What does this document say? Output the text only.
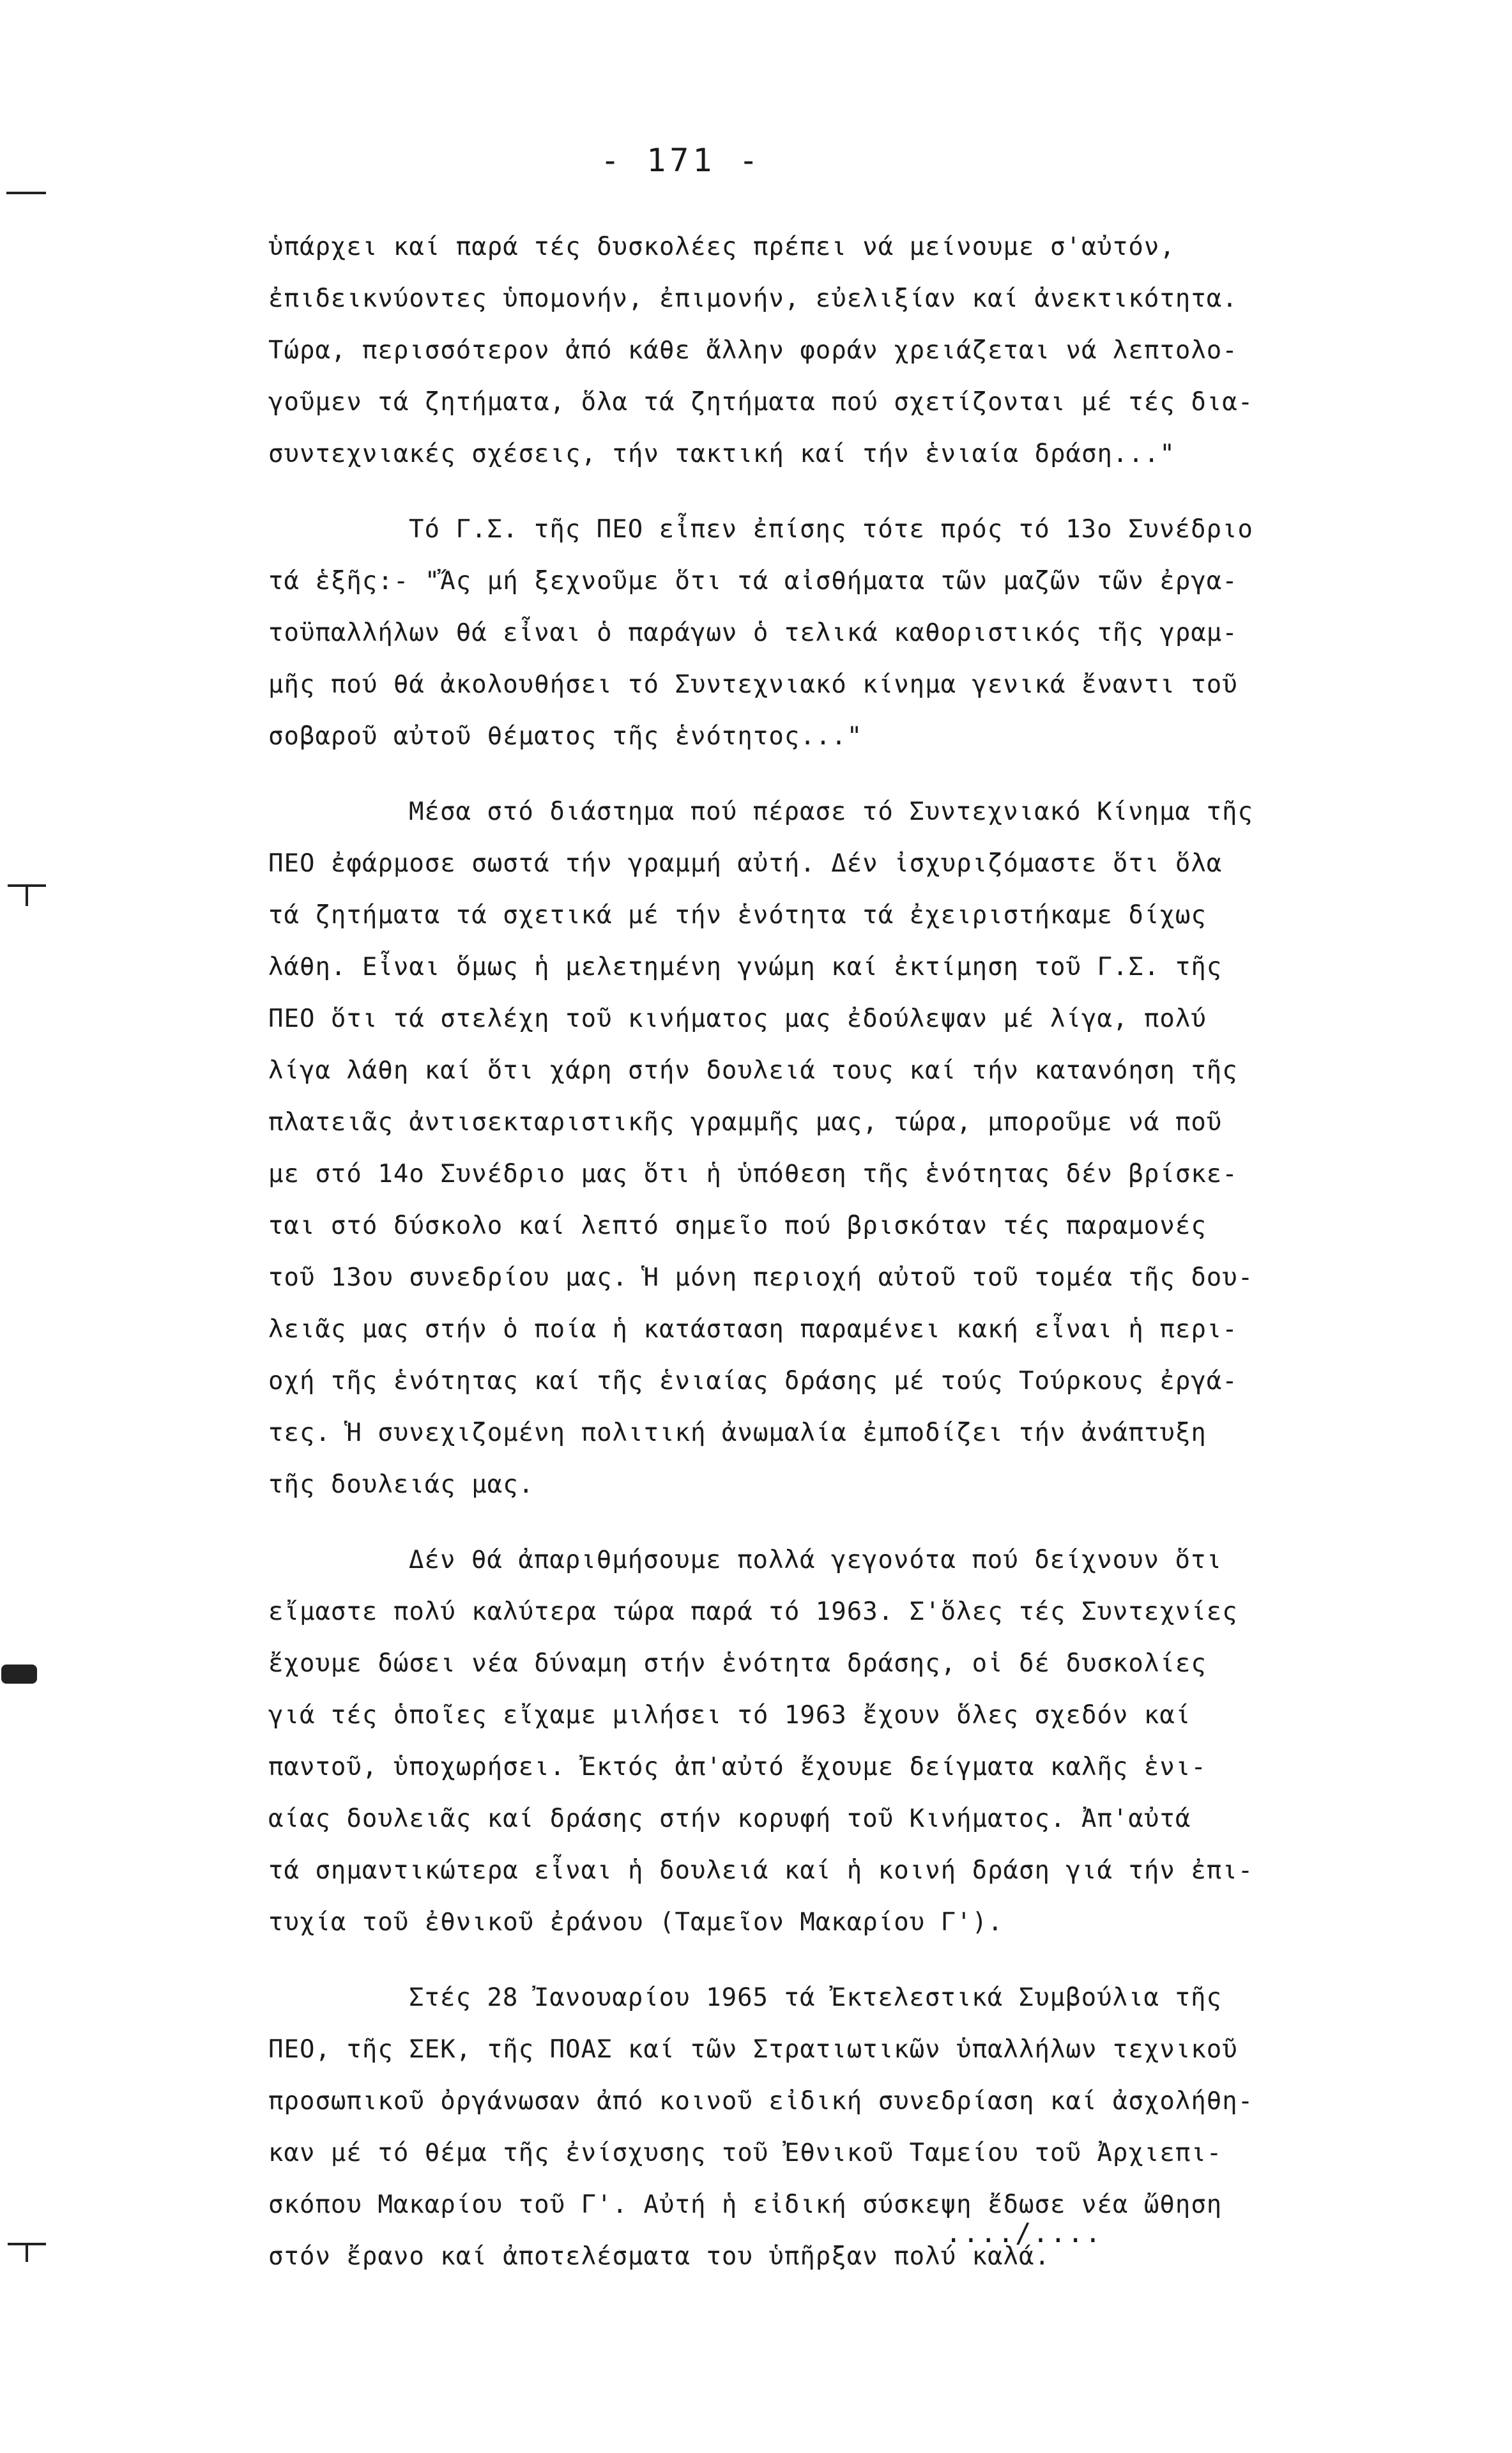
- 171 -
ὑπάρχει καί παρά τές δυσκολέες πρέπει νά μείνουμε σ'αὐτόν,
ἐπιδεικνύοντες ὑπομονήν, ἐπιμονήν, εὐελιξίαν καί ἀνεκτικότητα.
Τώρα, περισσότερον ἀπό κάθε ἄλλην φοράν χρειάζεται νά λεπτολο-
γοῦμεν τά ζητήματα, ὅλα τά ζητήματα πού σχετίζονται μέ τές δια-
συντεχνιακές σχέσεις, τήν τακτική καί τήν ἑνιαία δράση..."
Τό Γ.Σ. τῆς ΠΕΟ εἶπεν ἐπίσης τότε πρός τό 13ο Συνέδριο
τά ἑξῆς:- "Ἄς μή ξεχνοῦμε ὅτι τά αἰσθήματα τῶν μαζῶν τῶν ἐργα-
τοϋπαλλήλων θά εἶναι ὁ παράγων ὁ τελικά καθοριστικός τῆς γραμ-
μῆς πού θά ἀκολουθήσει τό Συντεχνιακό κίνημα γενικά ἔναντι τοῦ
σοβαροῦ αὐτοῦ θέματος τῆς ἑνότητος..."
Μέσα στό διάστημα πού πέρασε τό Συντεχνιακό Κίνημα τῆς
ΠΕΟ ἐφάρμοσε σωστά τήν γραμμή αὐτή. Δέν ἰσχυριζόμαστε ὅτι ὅλα
τά ζητήματα τά σχετικά μέ τήν ἑνότητα τά ἐχειριστήκαμε δίχως
λάθη. Εἶναι ὅμως ἡ μελετημένη γνώμη καί ἐκτίμηση τοῦ Γ.Σ. τῆς
ΠΕΟ ὅτι τά στελέχη τοῦ κινήματος μας ἐδούλεψαν μέ λίγα, πολύ
λίγα λάθη καί ὅτι χάρη στήν δουλειά τους καί τήν κατανόηση τῆς
πλατειᾶς ἀντισεκταριστικῆς γραμμῆς μας, τώρα, μποροῦμε νά ποῦ
με στό 14ο Συνέδριο μας ὅτι ἡ ὑπόθεση τῆς ἑνότητας δέν βρίσκε-
ται στό δύσκολο καί λεπτό σημεῖο πού βρισκόταν τές παραμονές
τοῦ 13ου συνεδρίου μας. Ἡ μόνη περιοχή αὐτοῦ τοῦ τομέα τῆς δου-
λειᾶς μας στήν ὁ ποία ἡ κατάσταση παραμένει κακή εἶναι ἡ περι-
οχή τῆς ἑνότητας καί τῆς ἑνιαίας δράσης μέ τούς Τούρκους ἐργά-
τες. Ἡ συνεχιζομένη πολιτική ἀνωμαλία ἐμποδίζει τήν ἀνάπτυξη
τῆς δουλειάς μας.
Δέν θά ἀπαριθμήσουμε πολλά γεγονότα πού δείχνουν ὅτι
εἴμαστε πολύ καλύτερα τώρα παρά τό 1963. Σ'ὅλες τές Συντεχνίες
ἔχουμε δώσει νέα δύναμη στήν ἑνότητα δράσης, οἱ δέ δυσκολίες
γιά τές ὁποῖες εἴχαμε μιλήσει τό 1963 ἔχουν ὅλες σχεδόν καί
παντοῦ, ὑποχωρήσει. Ἐκτός ἀπ'αὐτό ἔχουμε δείγματα καλῆς ἑνι-
αίας δουλειᾶς καί δράσης στήν κορυφή τοῦ Κινήματος. Ἀπ'αὐτά
τά σημαντικώτερα εἶναι ἡ δουλειά καί ἡ κοινή δράση γιά τήν ἐπι-
τυχία τοῦ ἐθνικοῦ ἐράνου (Ταμεῖον Μακαρίου Γ').
Στές 28 Ἰανουαρίου 1965 τά Ἐκτελεστικά Συμβούλια τῆς
ΠΕΟ, τῆς ΣΕΚ, τῆς ΠΟΑΣ καί τῶν Στρατιωτικῶν ὑπαλλήλων τεχνικοῦ
προσωπικοῦ ὀργάνωσαν ἀπό κοινοῦ εἰδική συνεδρίαση καί ἀσχολήθη-
καν μέ τό θέμα τῆς ἐνίσχυσης τοῦ Ἐθνικοῦ Ταμείου τοῦ Ἀρχιεπι-
σκόπου Μακαρίου τοῦ Γ'. Αὐτή ἡ εἰδική σύσκεψη ἔδωσε νέα ὤθηση
στόν ἔρανο καί ἀποτελέσματα του ὑπῆρξαν πολύ καλά.
..../....
